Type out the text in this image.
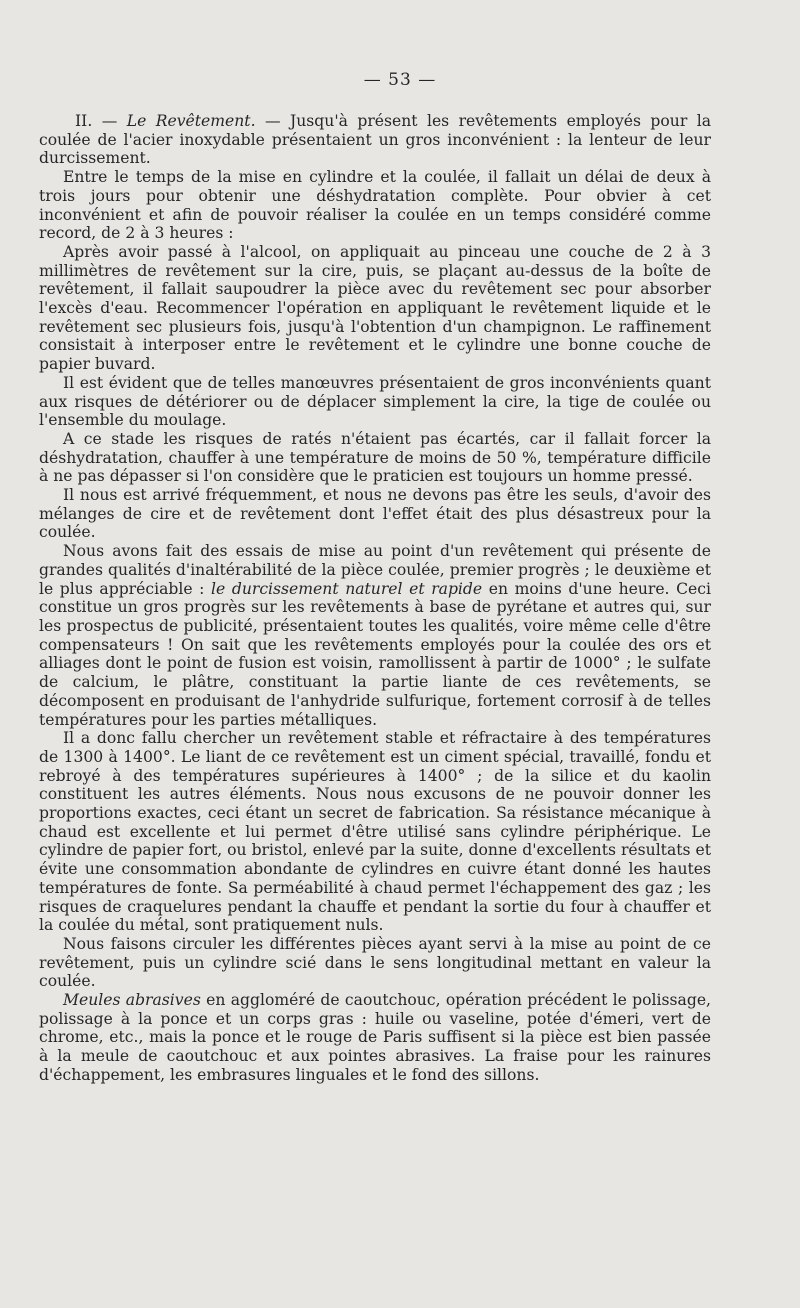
— 53 —

II. — Le Revêtement. — Jusqu'à présent les revêtements employés pour la coulée de l'acier inoxydable présentaient un gros inconvénient : la lenteur de leur durcissement.

Entre le temps de la mise en cylindre et la coulée, il fallait un délai de deux à trois jours pour obtenir une déshydratation complète. Pour obvier à cet inconvénient et afin de pouvoir réaliser la coulée en un temps considéré comme record, de 2 à 3 heures :

Après avoir passé à l'alcool, on appliquait au pinceau une couche de 2 à 3 millimètres de revêtement sur la cire, puis, se plaçant au-dessus de la boîte de revêtement, il fallait saupoudrer la pièce avec du revêtement sec pour absorber l'excès d'eau. Recommencer l'opération en appliquant le revêtement liquide et le revêtement sec plusieurs fois, jusqu'à l'obtention d'un champignon. Le raffinement consistait à interposer entre le revêtement et le cylindre une bonne couche de papier buvard.

Il est évident que de telles manœuvres présentaient de gros inconvénients quant aux risques de détériorer ou de déplacer simplement la cire, la tige de coulée ou l'ensemble du moulage.

A ce stade les risques de ratés n'étaient pas écartés, car il fallait forcer la déshydratation, chauffer à une température de moins de 50 %, température difficile à ne pas dépasser si l'on considère que le praticien est toujours un homme pressé.

Il nous est arrivé fréquemment, et nous ne devons pas être les seuls, d'avoir des mélanges de cire et de revêtement dont l'effet était des plus désastreux pour la coulée.

Nous avons fait des essais de mise au point d'un revêtement qui présente de grandes qualités d'inaltérabilité de la pièce coulée, premier progrès ; le deuxième et le plus appréciable : le durcissement naturel et rapide en moins d'une heure. Ceci constitue un gros progrès sur les revêtements à base de pyrétane et autres qui, sur les prospectus de publicité, présentaient toutes les qualités, voire même celle d'être compensateurs ! On sait que les revêtements employés pour la coulée des ors et alliages dont le point de fusion est voisin, ramollissent à partir de 1000° ; le sulfate de calcium, le plâtre, constituant la partie liante de ces revêtements, se décomposent en produisant de l'anhydride sulfurique, fortement corrosif à de telles températures pour les parties métalliques.

Il a donc fallu chercher un revêtement stable et réfractaire à des températures de 1300 à 1400°. Le liant de ce revêtement est un ciment spécial, travaillé, fondu et rebroyé à des températures supérieures à 1400° ; de la silice et du kaolin constituent les autres éléments. Nous nous excusons de ne pouvoir donner les proportions exactes, ceci étant un secret de fabrication. Sa résistance mécanique à chaud est excellente et lui permet d'être utilisé sans cylindre périphérique. Le cylindre de papier fort, ou bristol, enlevé par la suite, donne d'excellents résultats et évite une consommation abondante de cylindres en cuivre étant donné les hautes températures de fonte. Sa perméabilité à chaud permet l'échappement des gaz ; les risques de craquelures pendant la chauffe et pendant la sortie du four à chauffer et la coulée du métal, sont pratiquement nuls.

Nous faisons circuler les différentes pièces ayant servi à la mise au point de ce revêtement, puis un cylindre scié dans le sens longitudinal mettant en valeur la coulée.

Meules abrasives en aggloméré de caoutchouc, opération précédent le polissage, polissage à la ponce et un corps gras : huile ou vaseline, potée d'émeri, vert de chrome, etc., mais la ponce et le rouge de Paris suffisent si la pièce est bien passée à la meule de caoutchouc et aux pointes abrasives. La fraise pour les rainures d'échappement, les embrasures linguales et le fond des sillons.
